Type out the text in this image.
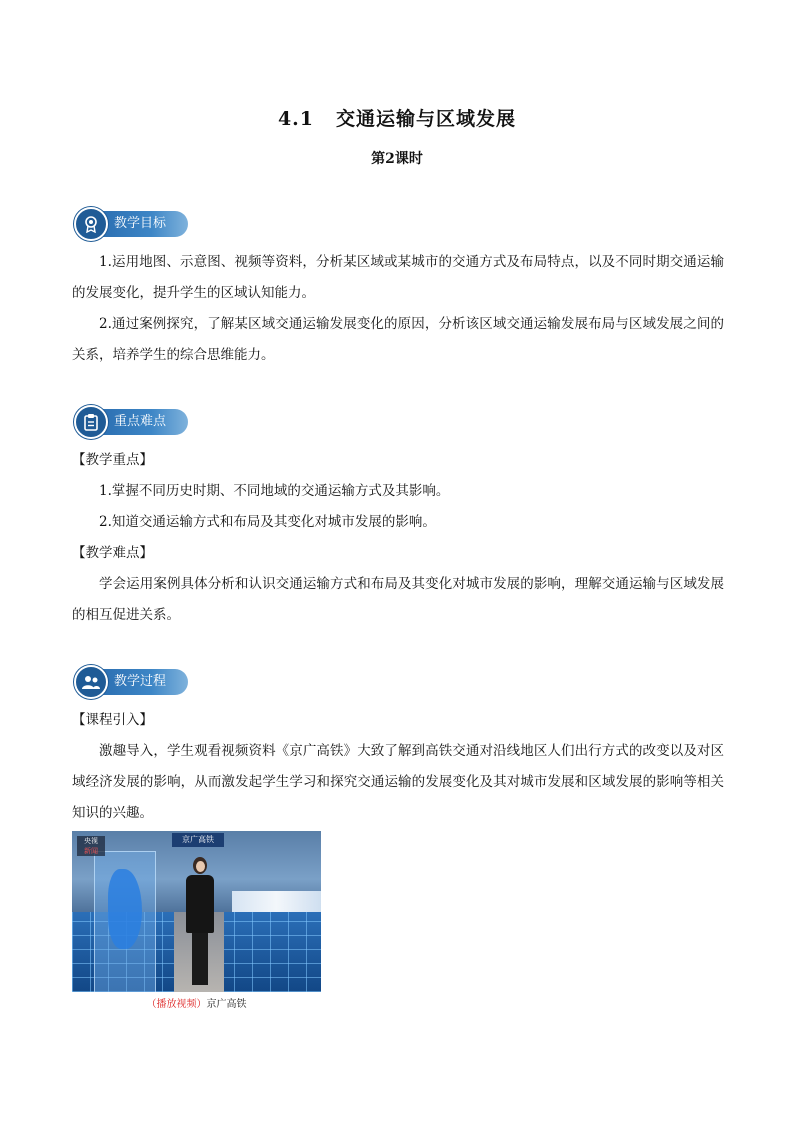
4.1 交通运输与区域发展
第2课时
教学目标
1.运用地图、示意图、视频等资料，分析某区域或某城市的交通方式及布局特点，以及不同时期交通运输的发展变化，提升学生的区域认知能力。
2.通过案例探究，了解某区域交通运输发展变化的原因，分析该区域交通运输发展布局与区域发展之间的关系，培养学生的综合思维能力。
重点难点
【教学重点】
1.掌握不同历史时期、不同地域的交通运输方式及其影响。
2.知道交通运输方式和布局及其变化对城市发展的影响。
【教学难点】
学会运用案例具体分析和认识交通运输方式和布局及其变化对城市发展的影响，理解交通运输与区域发展的相互促进关系。
教学过程
【课程引入】
激趣导入，学生观看视频资料《京广高铁》大致了解到高铁交通对沿线地区人们出行方式的改变以及对区域经济发展的影响，从而激发起学生学习和探究交通运输的发展变化及其对城市发展和区域发展的影响等相关知识的兴趣。
央视
新闻
京广高铁
（播放视频）京广高铁
